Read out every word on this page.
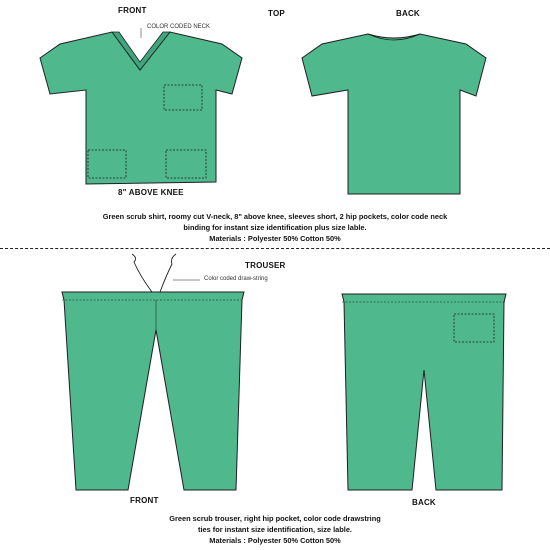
FRONT	TOP	BACK
COLOR CODED NECK
8" ABOVE KNEE
Green scrub shirt, roomy cut V-neck, 8" above knee, sleeves short, 2 hip pockets, color code neck
binding for instant size identification plus size lable.
Materials : Polyester 50% Cotton 50%
TROUSER
Color coded draw-string
FRONT	BACK
Green scrub trouser, right hip pocket, color code drawstring
ties for instant size identification, size lable.
Materials : Polyester 50% Cotton 50%
